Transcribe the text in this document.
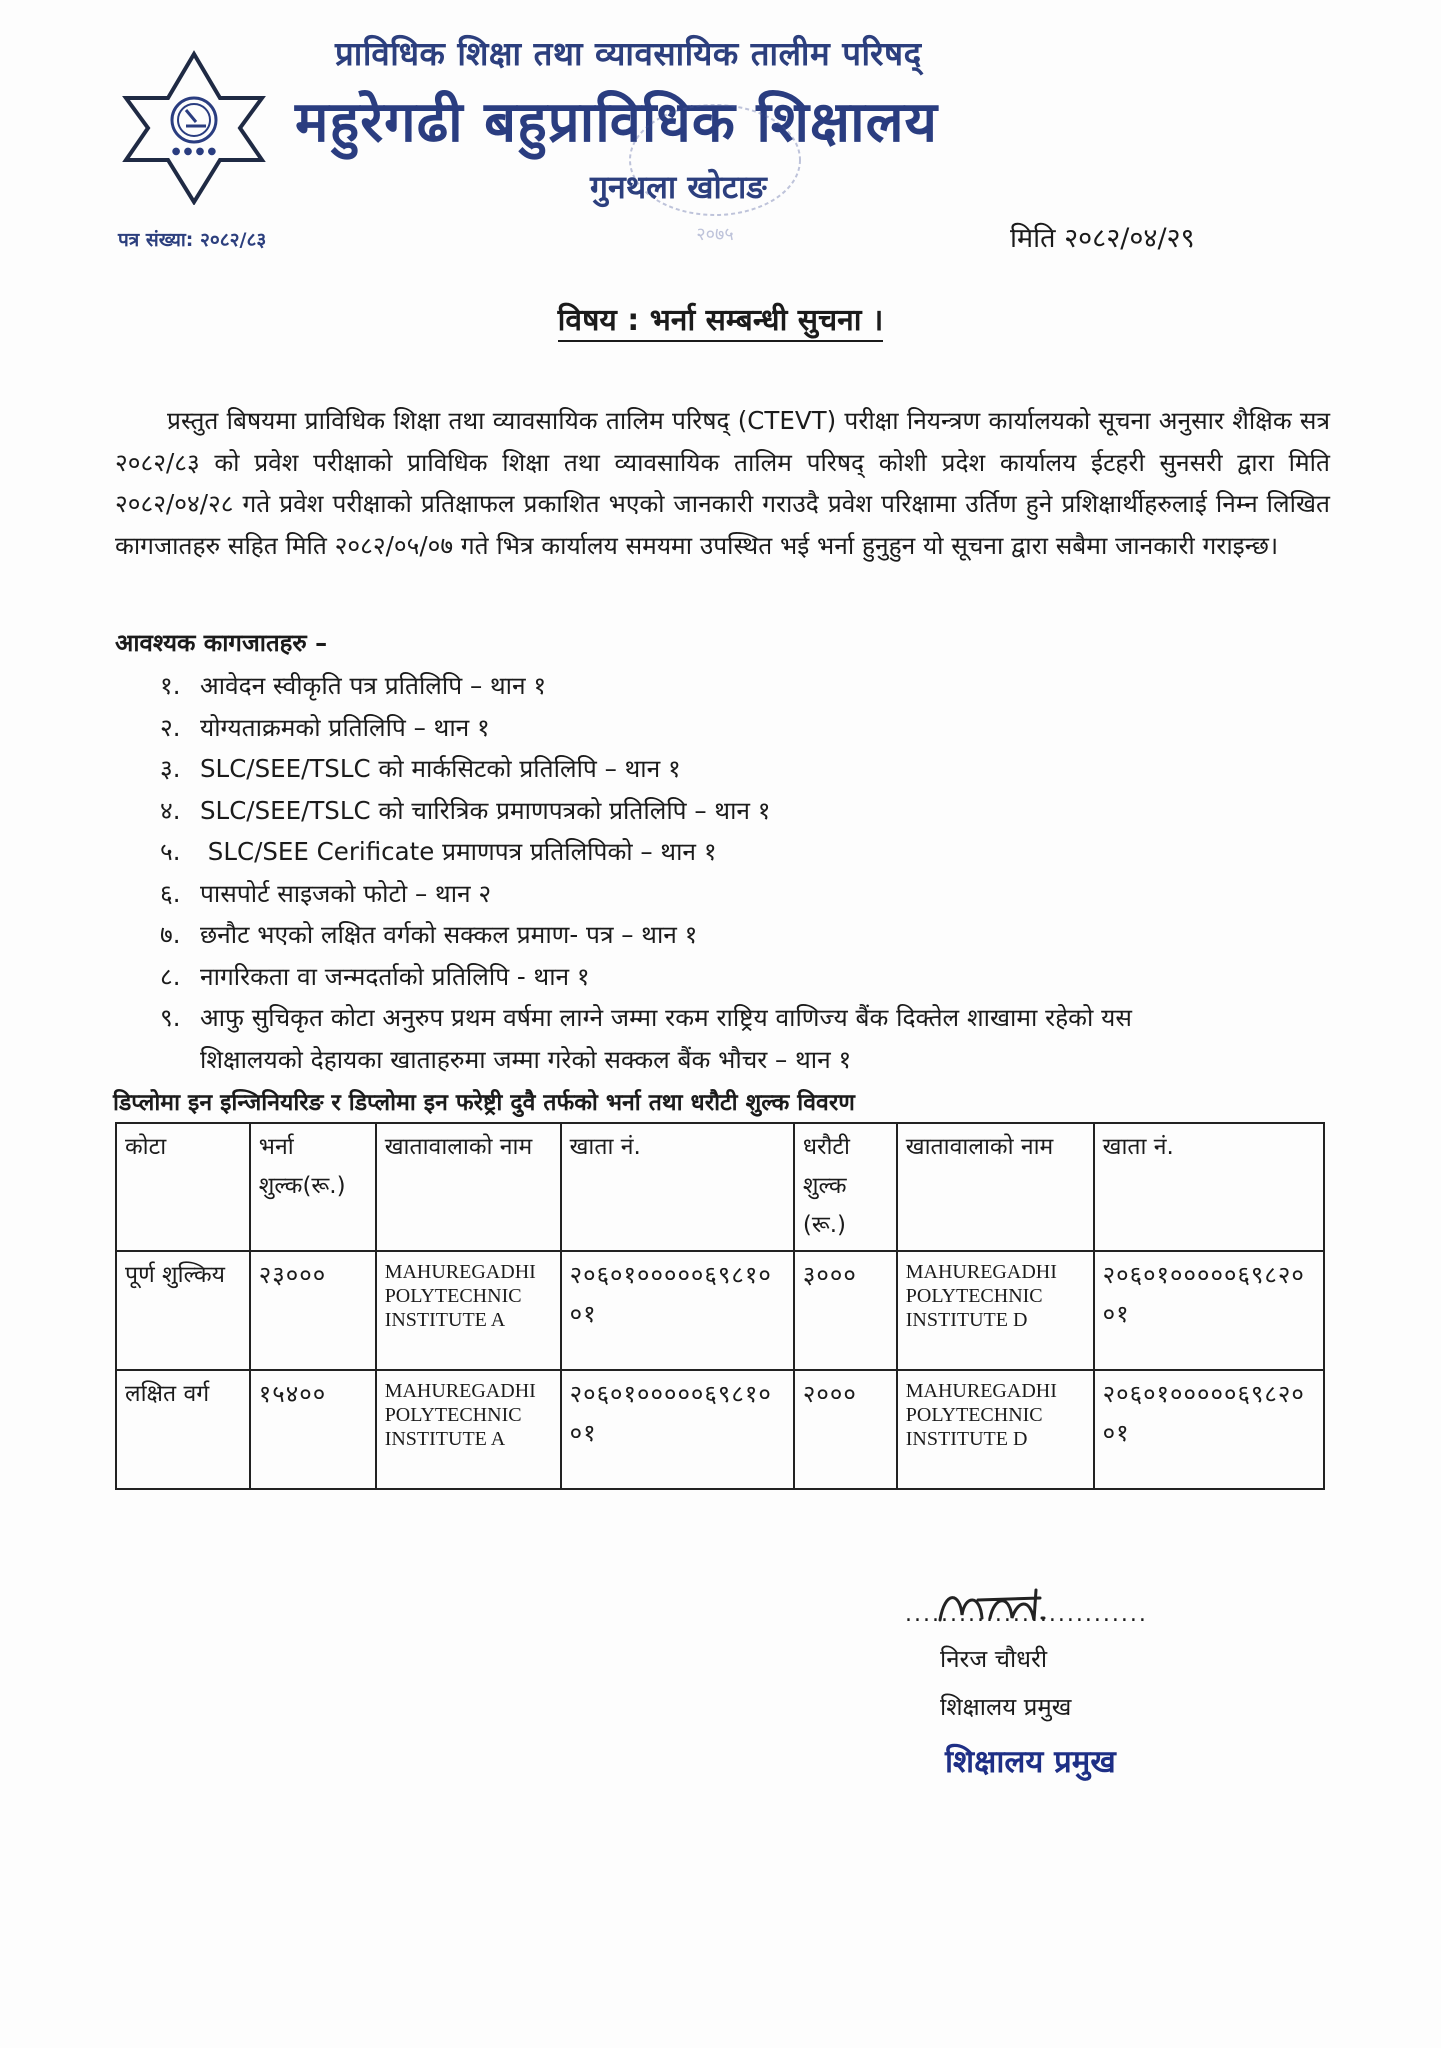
● ● ● ●
प्राविधिक शिक्षा तथा व्यावसायिक तालीम परिषद्
महुरेगढी बहुप्राविधिक शिक्षालय
२०७५
गुनथला खोटाङ
पत्र संख्या: २०८२/८३	मिति २०८२/०४/२९
विषय : भर्ना सम्बन्धी सुचना ।
प्रस्तुत बिषयमा प्राविधिक शिक्षा तथा व्यावसायिक तालिम परिषद् (CTEVT) परीक्षा नियन्त्रण कार्यालयको सूचना अनुसार शैक्षिक सत्र २०८२/८३ को प्रवेश परीक्षाको प्राविधिक शिक्षा तथा व्यावसायिक तालिम परिषद् कोशी प्रदेश कार्यालय ईटहरी सुनसरी द्वारा मिति २०८२/०४/२८ गते प्रवेश परीक्षाको प्रतिक्षाफल प्रकाशित भएको जानकारी गराउदै प्रवेश परिक्षामा उर्तिण हुने प्रशिक्षार्थीहरुलाई निम्न लिखित कागजातहरु सहित मिति २०८२/०५/०७ गते भित्र कार्यालय समयमा उपस्थित भई भर्ना हुनुहुन यो सूचना द्वारा सबैमा जानकारी गराइन्छ।
आवश्यक कागजातहरु –
१. आवेदन स्वीकृति पत्र प्रतिलिपि – थान १
२. योग्यताक्रमको प्रतिलिपि – थान १
३. SLC/SEE/TSLC को मार्कसिटको प्रतिलिपि – थान १
४. SLC/SEE/TSLC को चारित्रिक प्रमाणपत्रको प्रतिलिपि – थान १
५. SLC/SEE Cerificate प्रमाणपत्र प्रतिलिपिको – थान १
६. पासपोर्ट साइजको फोटो – थान २
७. छनौट भएको लक्षित वर्गको सक्कल प्रमाण- पत्र – थान १
८. नागरिकता वा जन्मदर्ताको प्रतिलिपि - थान १
९. आफु सुचिकृत कोटा अनुरुप प्रथम वर्षमा लाग्ने जम्मा रकम राष्ट्रिय वाणिज्य बैंक दिक्तेल शाखामा रहेको यस
शिक्षालयको देहायका खाताहरुमा जम्मा गरेको सक्कल बैंक भौचर – थान १
डिप्लोमा इन इन्जिनियरिङ र डिप्लोमा इन फरेष्ट्री दुवै तर्फको भर्ना तथा धरौटी शुल्क विवरण
कोटा	भर्ना शुल्क(रू.)	खातावालाको नाम	खाता नं.	धरौटी शुल्क (रू.)	खातावालाको नाम	खाता नं.
पूर्ण शुल्किय	२३०००	MAHUREGADHI POLYTECHNIC INSTITUTE A	२०६०१०००००६९८१००१	३०००	MAHUREGADHI POLYTECHNIC INSTITUTE D	२०६०१०००००६९८२००१
लक्षित वर्ग	१५४००	MAHUREGADHI POLYTECHNIC INSTITUTE A	२०६०१०००००६९८१००१	२०००	MAHUREGADHI POLYTECHNIC INSTITUTE D	२०६०१०००००६९८२००१
...........................
निरज चौधरी
शिक्षालय प्रमुख
शिक्षालय प्रमुख
